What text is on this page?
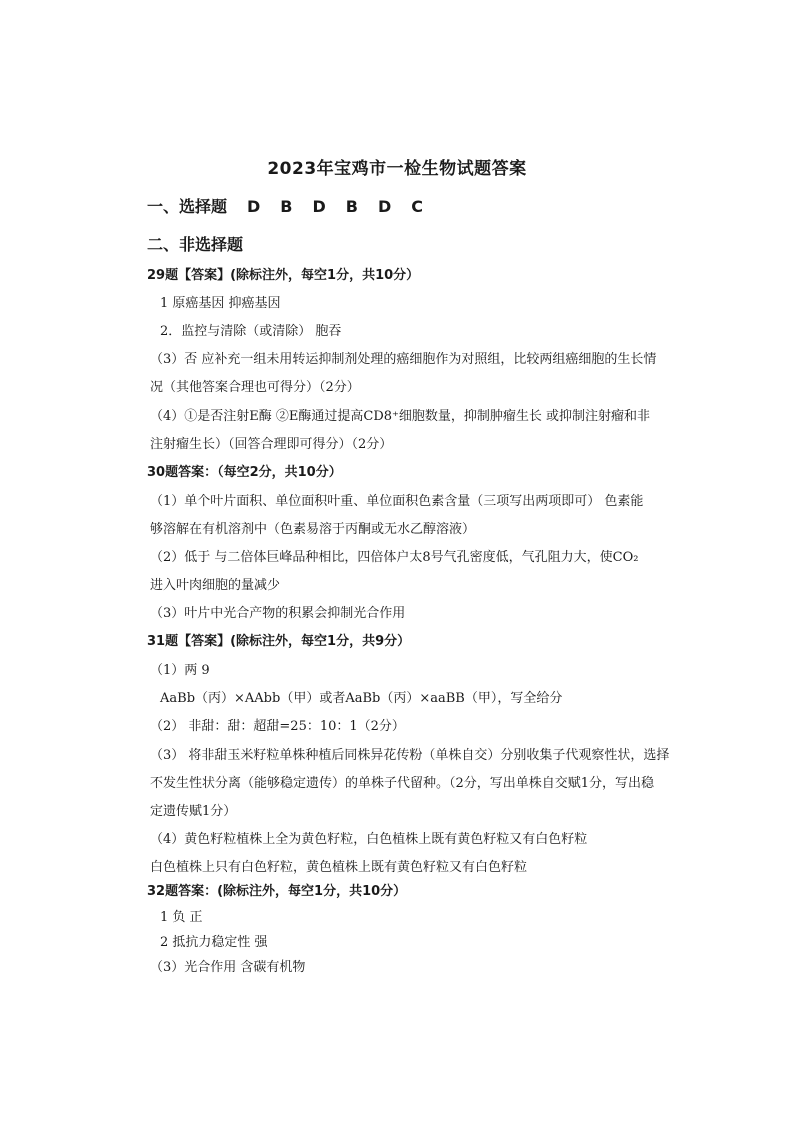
2023年宝鸡市一检生物试题答案
一、选择题 D B D B D C
二、非选择题
29题【答案】(除标注外，每空1分，共10分）
1 原癌基因 抑癌基因
2．监控与清除（或清除） 胞吞
（3）否 应补充一组未用转运抑制剂处理的癌细胞作为对照组，比较两组癌细胞的生长情
况（其他答案合理也可得分）（2分）
（4）①是否注射E酶 ②E酶通过提高CD8⁺细胞数量，抑制肿瘤生长 或抑制注射瘤和非
注射瘤生长）（回答合理即可得分）（2分）
30题答案：（每空2分，共10分）
（1）单个叶片面积、单位面积叶重、单位面积色素含量（三项写出两项即可） 色素能
够溶解在有机溶剂中（色素易溶于丙酮或无水乙醇溶液）
（2）低于 与二倍体巨峰品种相比，四倍体户太8号气孔密度低，气孔阻力大，使CO₂
进入叶肉细胞的量减少
（3）叶片中光合产物的积累会抑制光合作用
31题【答案】(除标注外，每空1分，共9分）
（1）两 9
AaBb（丙）×AAbb（甲）或者AaBb（丙）×aaBB（甲），写全给分
（2） 非甜：甜：超甜=25：10：1（2分）
（3） 将非甜玉米籽粒单株种植后同株异花传粉（单株自交）分别收集子代观察性状，选择
不发生性状分离（能够稳定遗传）的单株子代留种。（2分，写出单株自交赋1分，写出稳
定遗传赋1分）
（4）黄色籽粒植株上全为黄色籽粒，白色植株上既有黄色籽粒又有白色籽粒
白色植株上只有白色籽粒，黄色植株上既有黄色籽粒又有白色籽粒
32题答案：(除标注外，每空1分，共10分）
1 负 正
2 抵抗力稳定性 强
（3）光合作用 含碳有机物
